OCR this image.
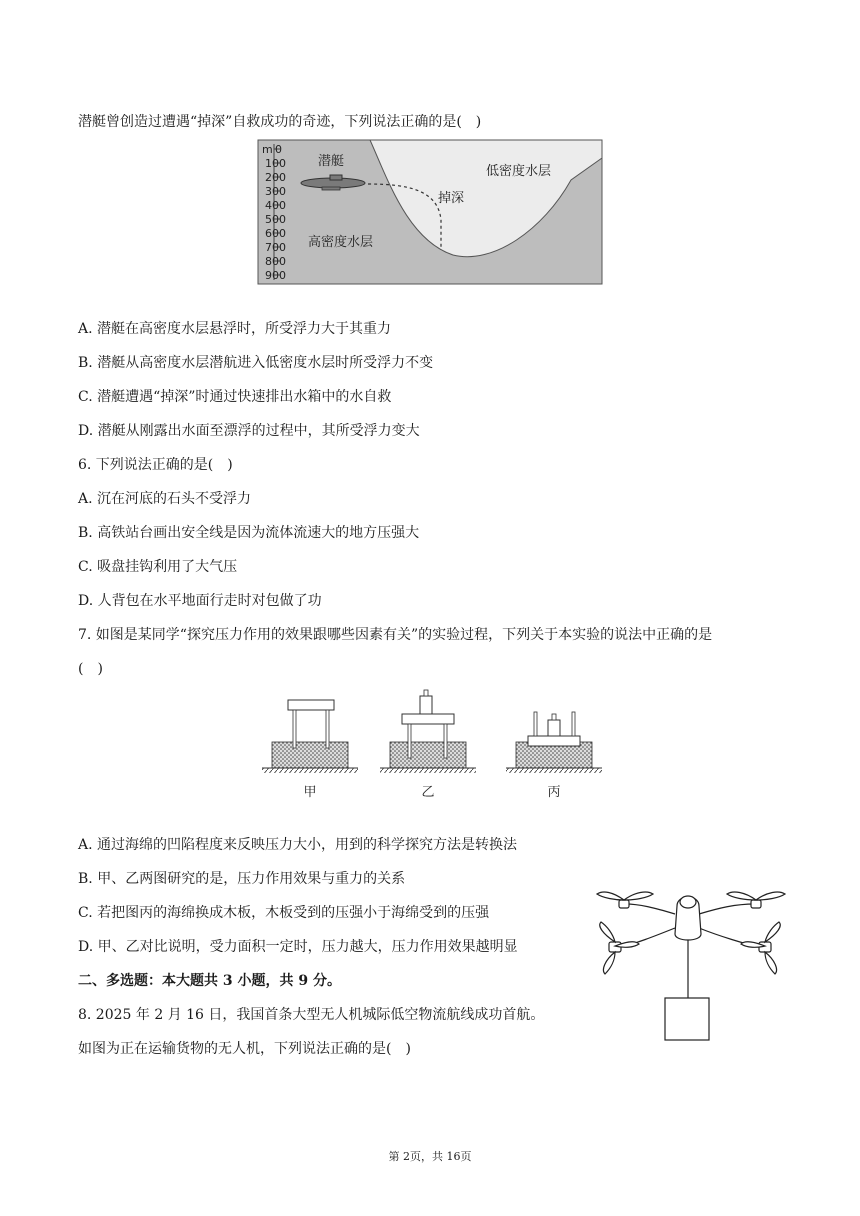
潜艇曾创造过遭遇“掉深”自救成功的奇迹，下列说法正确的是(　)
m 0
100
200
300
400
500
600
700
800
900
潜艇
低密度水层
掉深
高密度水层
A. 潜艇在高密度水层悬浮时，所受浮力大于其重力
B. 潜艇从高密度水层潜航进入低密度水层时所受浮力不变
C. 潜艇遭遇“掉深”时通过快速排出水箱中的水自救
D. 潜艇从刚露出水面至漂浮的过程中，其所受浮力变大
6. 下列说法正确的是(　)
A. 沉在河底的石头不受浮力
B. 高铁站台画出安全线是因为流体流速大的地方压强大
C. 吸盘挂钩利用了大气压
D. 人背包在水平地面行走时对包做了功
7. 如图是某同学“探究压力作用的效果跟哪些因素有关”的实验过程，下列关于本实验的说法中正确的是
(　)
甲	乙	丙
A. 通过海绵的凹陷程度来反映压力大小，用到的科学探究方法是转换法
B. 甲、乙两图研究的是，压力作用效果与重力的关系
C. 若把图丙的海绵换成木板，木板受到的压强小于海绵受到的压强
D. 甲、乙对比说明，受力面积一定时，压力越大，压力作用效果越明显
二、多选题：本大题共 3 小题，共 9 分。
8. 2025 年 2 月 16 日，我国首条大型无人机城际低空物流航线成功首航。
如图为正在运输货物的无人机，下列说法正确的是(　)
第 2页，共 16页
